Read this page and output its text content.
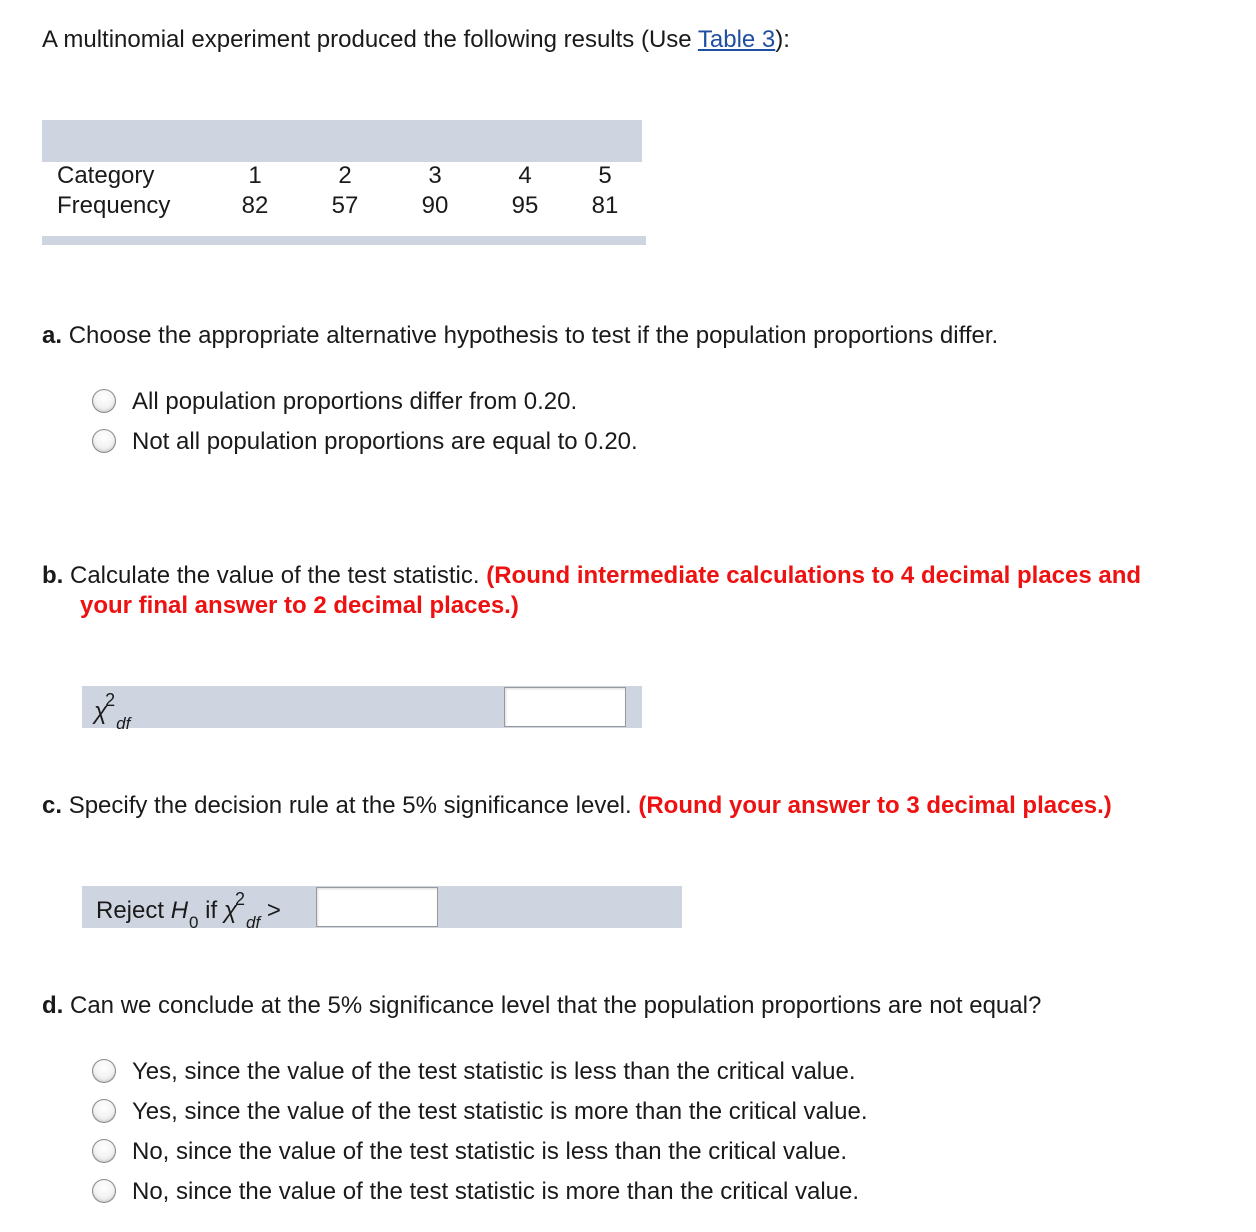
A multinomial experiment produced the following results (Use Table 3):
Category	1	2	3	4	5
Frequency	82	57	90	95	81
a. Choose the appropriate alternative hypothesis to test if the population proportions differ.
All population proportions differ from 0.20.
Not all population proportions are equal to 0.20.
b. Calculate the value of the test statistic. (Round intermediate calculations to 4 decimal places and
your final answer to 2 decimal places.)
$\chi^2_{df}$
c. Specify the decision rule at the 5% significance level. (Round your answer to 3 decimal places.)
Reject $H_0$ if $\chi^2_{df}$ >
d. Can we conclude at the 5% significance level that the population proportions are not equal?
Yes, since the value of the test statistic is less than the critical value.
Yes, since the value of the test statistic is more than the critical value.
No, since the value of the test statistic is less than the critical value.
No, since the value of the test statistic is more than the critical value.
